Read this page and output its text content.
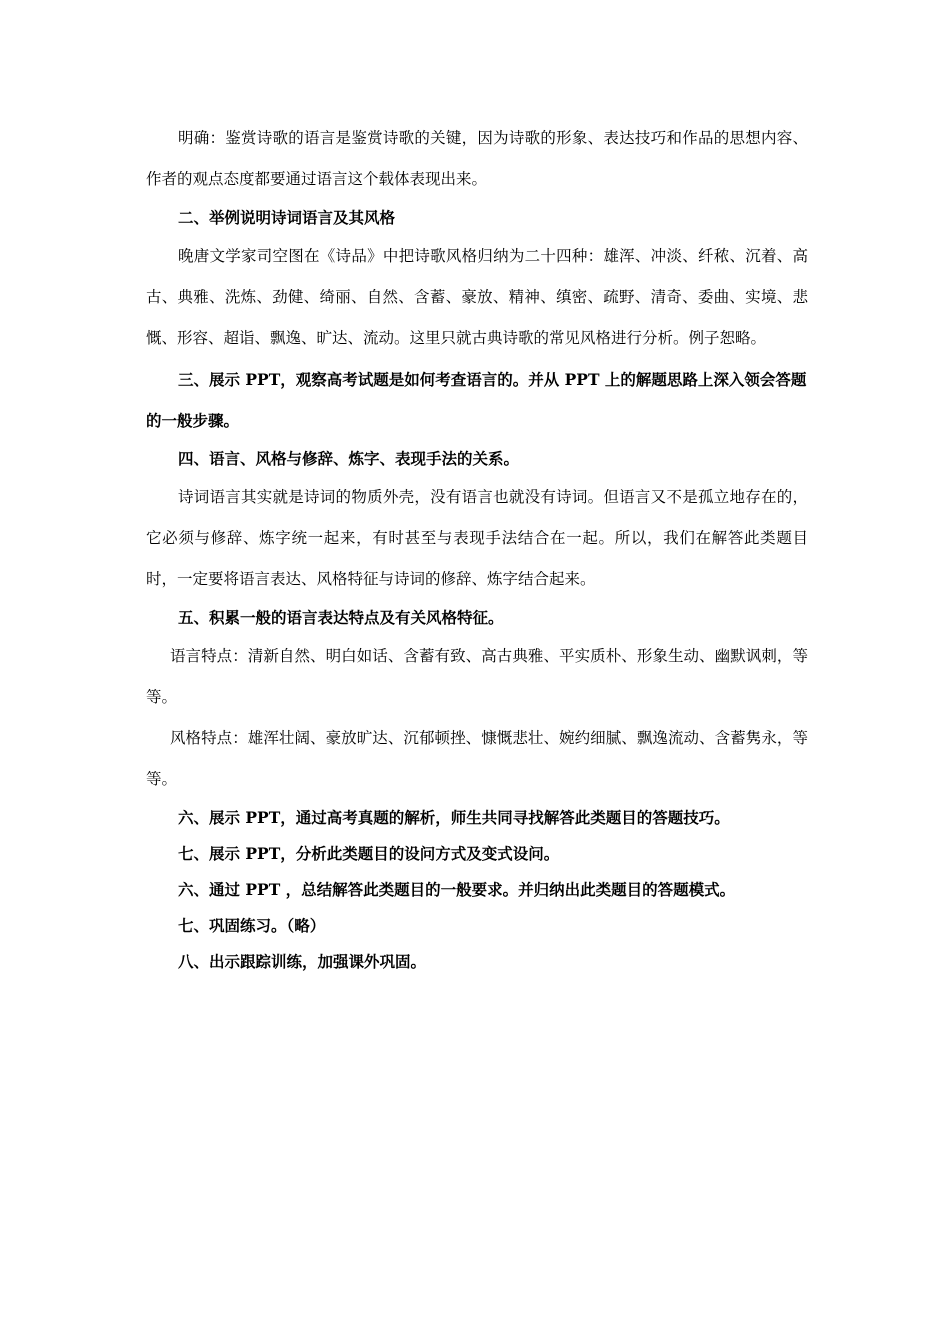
明确：鉴赏诗歌的语言是鉴赏诗歌的关键，因为诗歌的形象、表达技巧和作品的思想内容、作者的观点态度都要通过语言这个载体表现出来。

二、举例说明诗词语言及其风格

晚唐文学家司空图在《诗品》中把诗歌风格归纳为二十四种：雄浑、冲淡、纤秾、沉着、高古、典雅、洗炼、劲健、绮丽、自然、含蓄、豪放、精神、缜密、疏野、清奇、委曲、实境、悲慨、形容、超诣、飘逸、旷达、流动。这里只就古典诗歌的常见风格进行分析。例子恕略。

三、展示 PPT，观察高考试题是如何考查语言的。并从 PPT 上的解题思路上深入领会答题的一般步骤。

四、语言、风格与修辞、炼字、表现手法的关系。

诗词语言其实就是诗词的物质外壳，没有语言也就没有诗词。但语言又不是孤立地存在的，它必须与修辞、炼字统一起来，有时甚至与表现手法结合在一起。所以，我们在解答此类题目时，一定要将语言表达、风格特征与诗词的修辞、炼字结合起来。

五、积累一般的语言表达特点及有关风格特征。

语言特点：清新自然、明白如话、含蓄有致、高古典雅、平实质朴、形象生动、幽默讽刺，等等。

风格特点：雄浑壮阔、豪放旷达、沉郁顿挫、慷慨悲壮、婉约细腻、飘逸流动、含蓄隽永，等等。

六、展示 PPT，通过高考真题的解析，师生共同寻找解答此类题目的答题技巧。

七、展示 PPT，分析此类题目的设问方式及变式设问。

六、通过 PPT ，总结解答此类题目的一般要求。并归纳出此类题目的答题模式。

七、巩固练习。（略）

八、出示跟踪训练，加强课外巩固。
